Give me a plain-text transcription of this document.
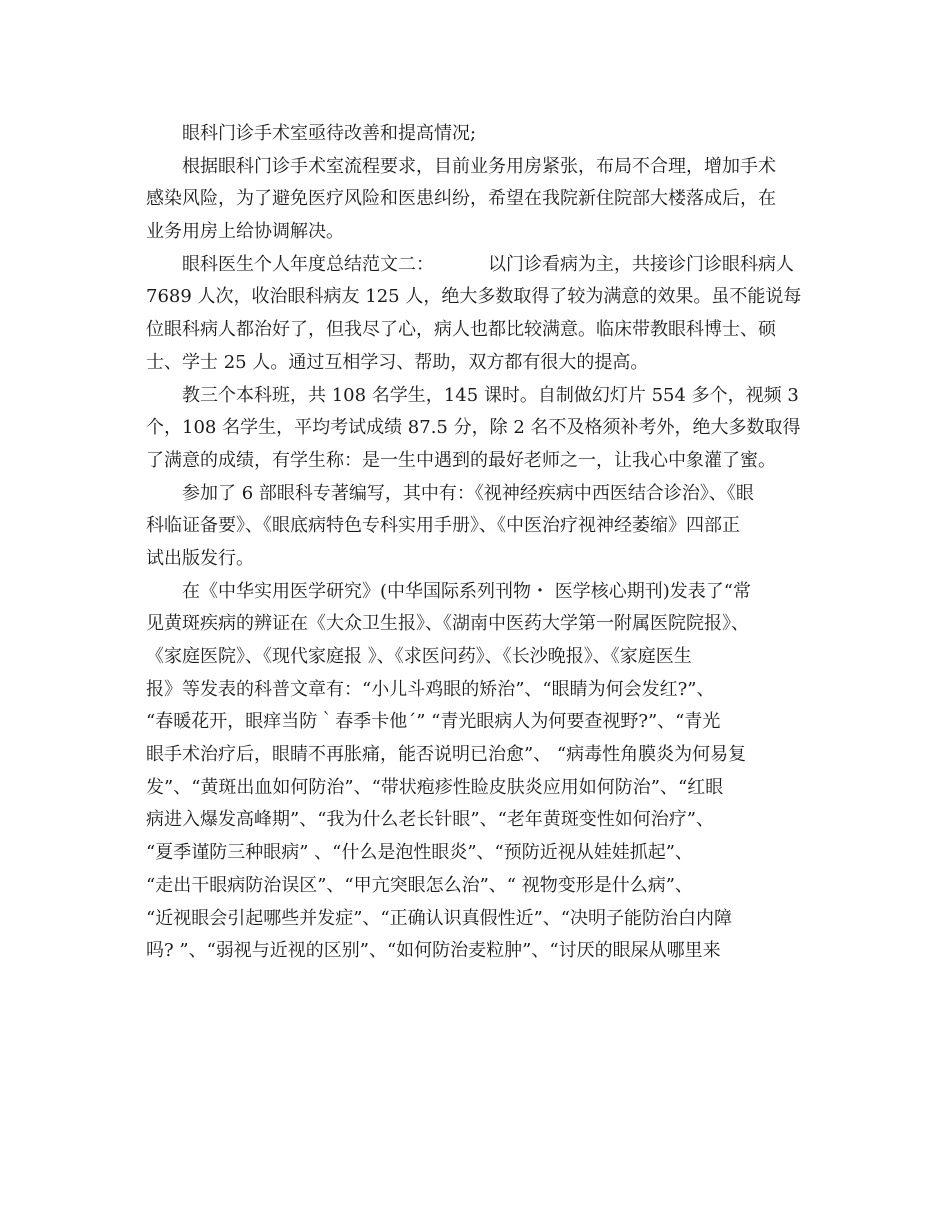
眼科门诊手术室亟待改善和提高情况;
根据眼科门诊手术室流程要求，目前业务用房紧张，布局不合理，增加手术
感染风险，为了避免医疗风险和医患纠纷，希望在我院新住院部大楼落成后，在
业务用房上给协调解决。
眼科医生个人年度总结范文二：	以门诊看病为主，共接诊门诊眼科病人
7689 人次，收治眼科病友 125 人，绝大多数取得了较为满意的效果。虽不能说每
位眼科病人都治好了，但我尽了心，病人也都比较满意。临床带教眼科博士、硕
士、学士 25 人。通过互相学习、帮助，双方都有很大的提高。
教三个本科班，共 108 名学生，145 课时。自制做幻灯片 554 多个，视频 3
个，108 名学生，平均考试成绩 87.5 分，除 2 名不及格须补考外，绝大多数取得
了满意的成绩，有学生称：是一生中遇到的最好老师之一，让我心中象灌了蜜。
参加了 6 部眼科专著编写，其中有：《视神经疾病中西医结合诊治》、《眼
科临证备要》、《眼底病特色专科实用手册》、《中医治疗视神经萎缩》四部正
试出版发行。
在《中华实用医学研究》(中华国际系列刊物・ 医学核心期刊)发表了“常
见黄斑疾病的辨证在《大众卫生报》、《湖南中医药大学第一附属医院院报》、
《家庭医院》、《现代家庭报 》、《求医问药》、《长沙晚报》、《家庭医生
报》等发表的科普文章有：“小儿斗鸡眼的矫治”、“眼睛为何会发红?”、
“春暖花开，眼痒当防｀春季卡他´” “青光眼病人为何要查视野?”、“青光
眼手术治疗后，眼睛不再胀痛，能否说明已治愈”、 “病毒性角膜炎为何易复
发”、“黄斑出血如何防治”、“带状疱疹性睑皮肤炎应用如何防治”、“红眼
病进入爆发高峰期”、“我为什么老长针眼”、“老年黄斑变性如何治疗”、
“夏季谨防三种眼病” 、“什么是泡性眼炎”、“预防近视从娃娃抓起”、
“走出干眼病防治误区”、“甲亢突眼怎么治”、“ 视物变形是什么病”、
“近视眼会引起哪些并发症”、“正确认识真假性近”、“决明子能防治白内障
吗? ”、“弱视与近视的区别”、“如何防治麦粒肿”、“讨厌的眼屎从哪里来
